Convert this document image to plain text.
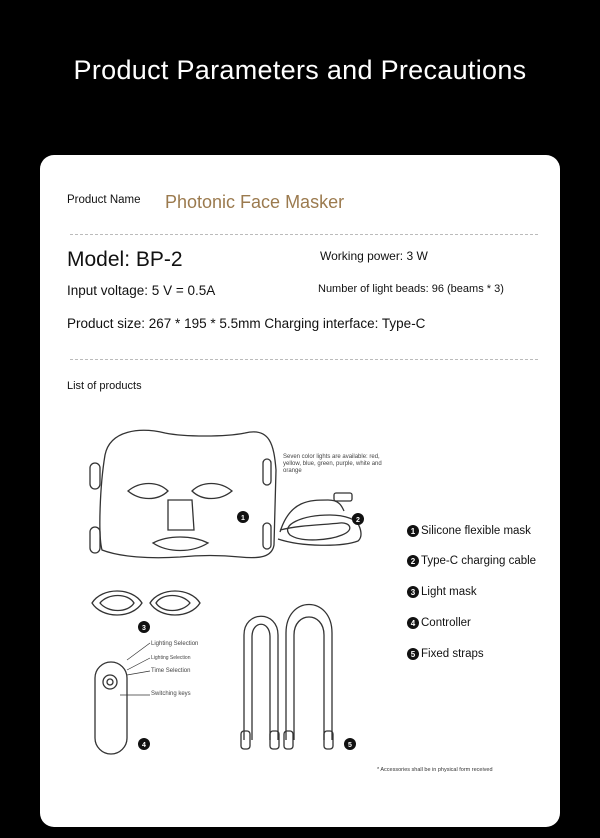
Product Parameters and Precautions
Product Name Photonic Face Masker
Model: BP-2	Working power: 3 W
Input voltage: 5 V = 0.5A	Number of light beads: 96 (beams * 3)
Product size: 267 * 195 * 5.5mm Charging interface: Type-C
List of products
1	2
3
4	5
Seven color lights are available: red, yellow, blue, green, purple, white and orange
Lighting Selection
Lighting Selection
Time Selection
Switching keys
1 Silicone flexible mask
2 Type-C charging cable
3 Light mask
4 Controller
5 Fixed straps
* Accessories shall be in physical form received
